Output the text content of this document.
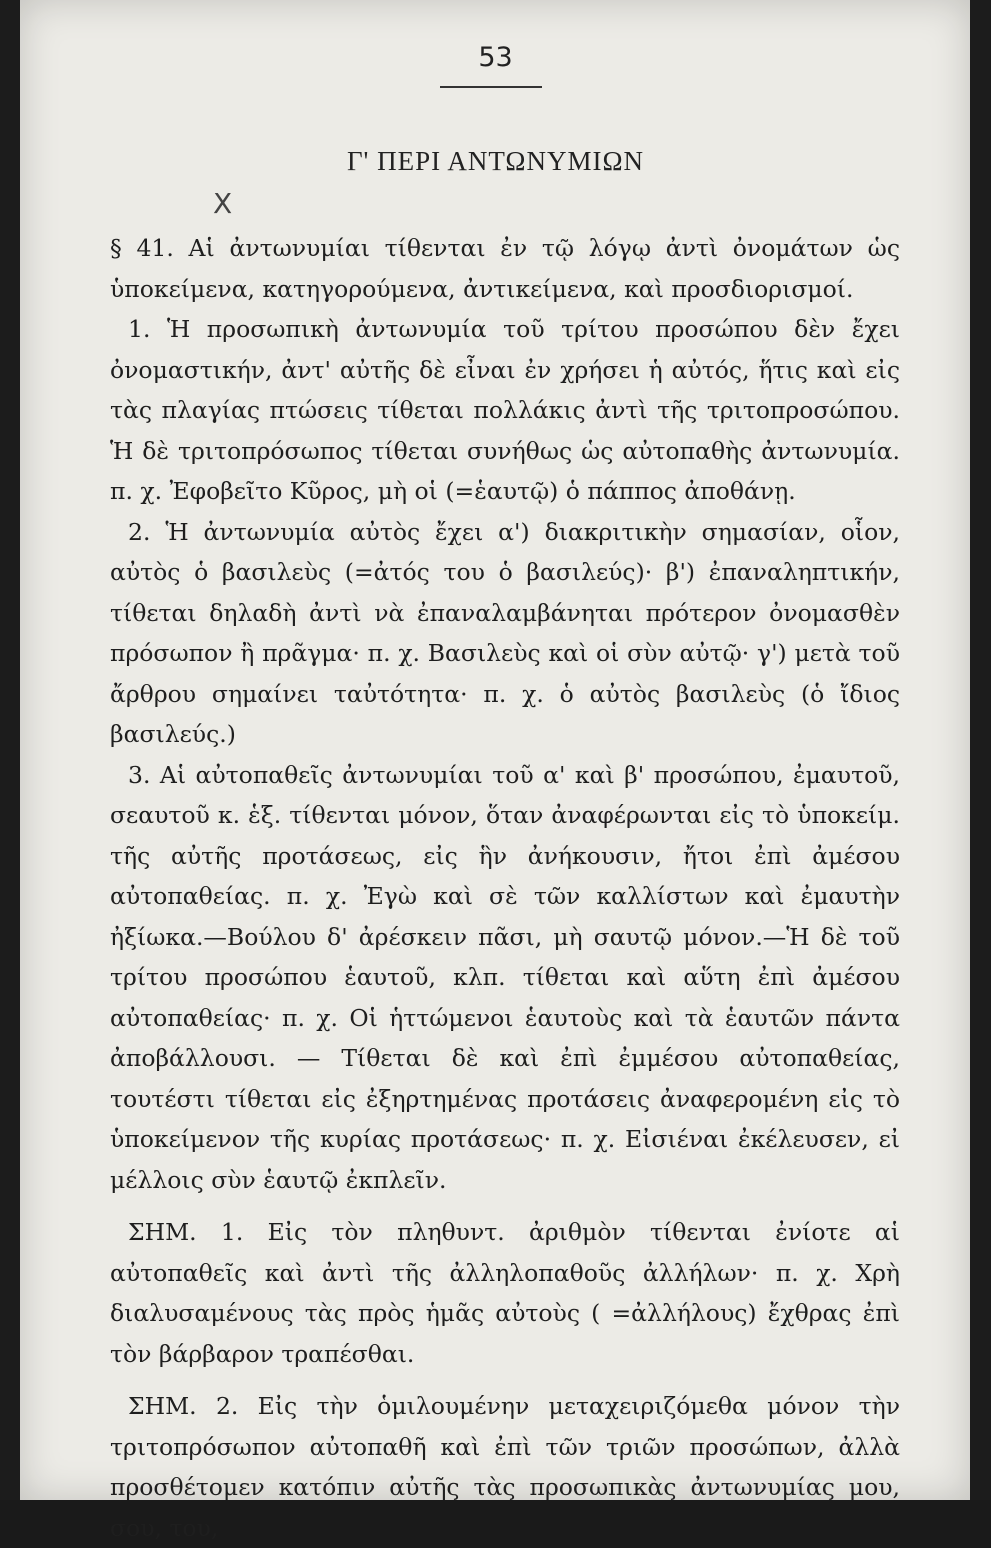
53
Γ' ΠΕΡΙ ΑΝΤΩΝΥΜΙΩΝ
X

§ 41. Αἱ ἀντωνυμίαι τίθενται ἐν τῷ λόγῳ ἀντὶ ὀνομάτων ὡς ὑποκείμενα, κατηγορούμενα, ἀντικείμενα, καὶ προσδιορισμοί.

1. Ἡ προσωπικὴ ἀντωνυμία τοῦ τρίτου προσώπου δὲν ἔχει ὀνομαστικήν, ἀντ' αὐτῆς δὲ εἶναι ἐν χρήσει ἡ αὐτός, ἥτις καὶ εἰς τὰς πλαγίας πτώσεις τίθεται πολλάκις ἀντὶ τῆς τριτοπροσώπου. Ἡ δὲ τριτοπρόσωπος τίθεται συνήθως ὡς αὐτοπαθὴς ἀντωνυμία. π. χ. Ἐφοβεῖτο Κῦρος, μὴ οἱ (=ἑαυτῷ) ὁ πάππος ἀποθάνῃ.

2. Ἡ ἀντωνυμία αὐτὸς ἔχει α') διακριτικὴν σημασίαν, οἷον, αὐτὸς ὁ βασιλεὺς (=ἀτός του ὁ βασιλεύς)· β') ἐπαναληπτικήν, τίθεται δηλαδὴ ἀντὶ νὰ ἐπαναλαμβάνηται πρότερον ὀνομασθὲν πρόσωπον ἢ πρᾶγμα· π. χ. Βασιλεὺς καὶ οἱ σὺν αὐτῷ· γ') μετὰ τοῦ ἄρθρου σημαίνει ταὐτότητα· π. χ. ὁ αὐτὸς βασιλεὺς (ὁ ἴδιος βασιλεύς.)

3. Αἱ αὐτοπαθεῖς ἀντωνυμίαι τοῦ α' καὶ β' προσώπου, ἐμαυτοῦ, σεαυτοῦ κ. ἑξ. τίθενται μόνον, ὅταν ἀναφέρωνται εἰς τὸ ὑποκείμ. τῆς αὐτῆς προτάσεως, εἰς ἣν ἀνήκουσιν, ἤτοι ἐπὶ ἀμέσου αὐτοπαθείας. π. χ. Ἐγὼ καὶ σὲ τῶν καλλίστων καὶ ἐμαυτὴν ἠξίωκα.—Βούλου δ' ἀρέσκειν πᾶσι, μὴ σαυτῷ μόνον.—Ἡ δὲ τοῦ τρίτου προσώπου ἑαυτοῦ, κλπ. τίθεται καὶ αὕτη ἐπὶ ἀμέσου αὐτοπαθείας· π. χ. Οἱ ἡττώμενοι ἑαυτοὺς καὶ τὰ ἑαυτῶν πάντα ἀποβάλλουσι. — Τίθεται δὲ καὶ ἐπὶ ἐμμέσου αὐτοπαθείας, τουτέστι τίθεται εἰς ἐξηρτημένας προτάσεις ἀναφερομένη εἰς τὸ ὑποκείμενον τῆς κυρίας προτάσεως· π. χ. Εἰσιέναι ἐκέλευσεν, εἰ μέλλοις σὺν ἑαυτῷ ἐκπλεῖν.

ΣΗΜ. 1. Εἰς τὸν πληθυντ. ἀριθμὸν τίθενται ἐνίοτε αἱ αὐτοπαθεῖς καὶ ἀντὶ τῆς ἀλληλοπαθοῦς ἀλλήλων· π. χ. Χρὴ διαλυσαμένους τὰς πρὸς ἡμᾶς αὐτοὺς ( =ἀλλήλους) ἔχθρας ἐπὶ τὸν βάρβαρον τραπέσθαι.

ΣΗΜ. 2. Εἰς τὴν ὁμιλουμένην μεταχειριζόμεθα μόνον τὴν τριτοπρόσωπον αὐτοπαθῆ καὶ ἐπὶ τῶν τριῶν προσώπων, ἀλλὰ προσθέτομεν κατόπιν αὐτῆς τὰς προσωπικὰς ἀντωνυμίας μου, σου, του,
